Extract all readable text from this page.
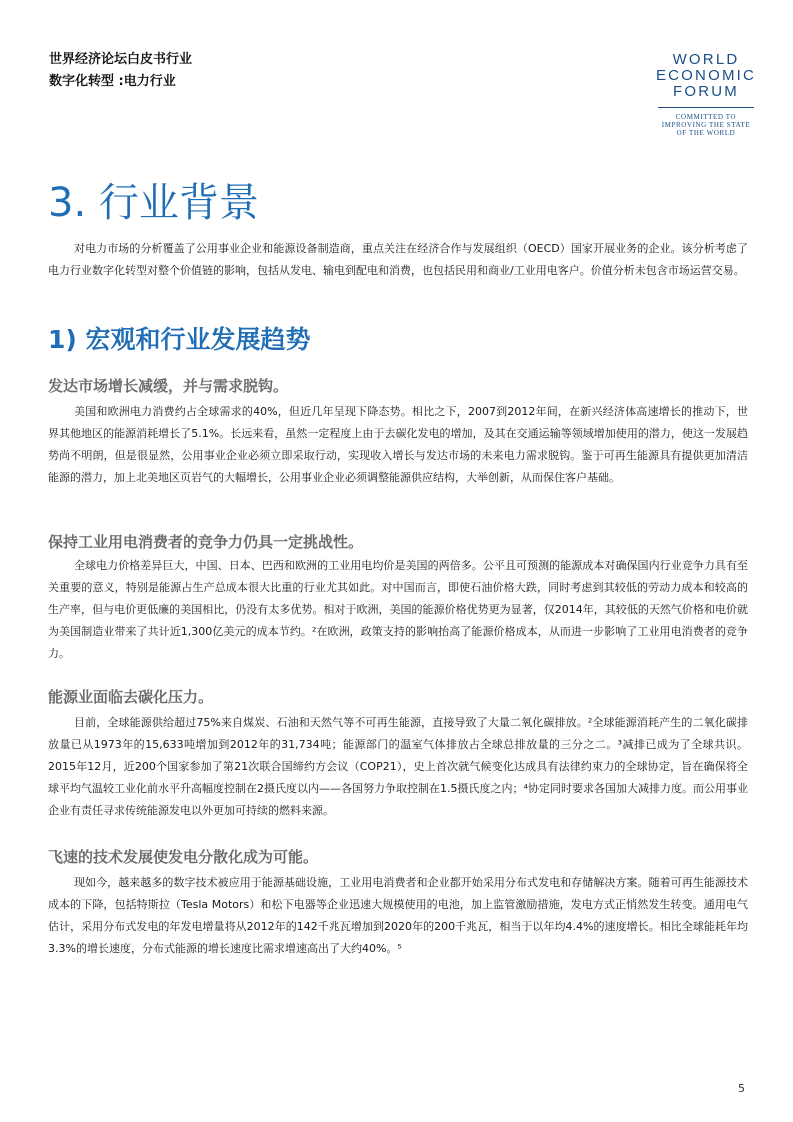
世界经济论坛白皮书行业
数字化转型 :电力行业
WORLD
ECONOMIC
FORUM
COMMITTED TO
IMPROVING THE STATE
OF THE WORLD
3. 行业背景

对电力市场的分析覆盖了公用事业企业和能源设备制造商，重点关注在经济合作与发展组织（OECD）国家开展业务的企业。该分析考虑了电力行业数字化转型对整个价值链的影响，包括从发电、输电到配电和消费，也包括民用和商业/工业用电客户。价值分析未包含市场运营交易。

1) 宏观和行业发展趋势
发达市场增长减缓，并与需求脱钩。

美国和欧洲电力消费约占全球需求的40%，但近几年呈现下降态势。相比之下，2007到2012年间，在新兴经济体高速增长的推动下，世界其他地区的能源消耗增长了5.1%。长远来看，虽然一定程度上由于去碳化发电的增加，及其在交通运输等领域增加使用的潜力，使这一发展趋势尚不明朗，但是很显然，公用事业企业必须立即采取行动，实现收入增长与发达市场的未来电力需求脱钩。鉴于可再生能源具有提供更加清洁能源的潜力，加上北美地区页岩气的大幅增长，公用事业企业必须调整能源供应结构，大举创新，从而保住客户基础。

保持工业用电消费者的竞争力仍具一定挑战性。

全球电力价格差异巨大，中国、日本、巴西和欧洲的工业用电均价是美国的两倍多。公平且可预测的能源成本对确保国内行业竞争力具有至关重要的意义，特别是能源占生产总成本很大比重的行业尤其如此。对中国而言，即使石油价格大跌，同时考虑到其较低的劳动力成本和较高的生产率，但与电价更低廉的美国相比，仍没有太多优势。相对于欧洲，美国的能源价格优势更为显著，仅2014年，其较低的天然气价格和电价就为美国制造业带来了共计近1,300亿美元的成本节约。²在欧洲，政策支持的影响抬高了能源价格成本，从而进一步影响了工业用电消费者的竞争力。

能源业面临去碳化压力。

目前，全球能源供给超过75%来自煤炭、石油和天然气等不可再生能源，直接导致了大量二氧化碳排放。²全球能源消耗产生的二氧化碳排放量已从1973年的15,633吨增加到2012年的31,734吨；能源部门的温室气体排放占全球总排放量的三分之二。³减排已成为了全球共识。2015年12月，近200个国家参加了第21次联合国缔约方会议（COP21），史上首次就气候变化达成具有法律约束力的全球协定，旨在确保将全球平均气温较工业化前水平升高幅度控制在2摄氏度以内——各国努力争取控制在1.5摄氏度之内；⁴协定同时要求各国加大减排力度。而公用事业企业有责任寻求传统能源发电以外更加可持续的燃料来源。

飞速的技术发展使发电分散化成为可能。

现如今，越来越多的数字技术被应用于能源基础设施，工业用电消费者和企业都开始采用分布式发电和存储解决方案。随着可再生能源技术成本的下降，包括特斯拉（Tesla Motors）和松下电器等企业迅速大规模使用的电池，加上监管激励措施，发电方式正悄然发生转变。通用电气估计，采用分布式发电的年发电增量将从2012年的142千兆瓦增加到2020年的200千兆瓦，相当于以年均4.4%的速度增长。相比全球能耗年均3.3%的增长速度，分布式能源的增长速度比需求增速高出了大约40%。⁵

5
